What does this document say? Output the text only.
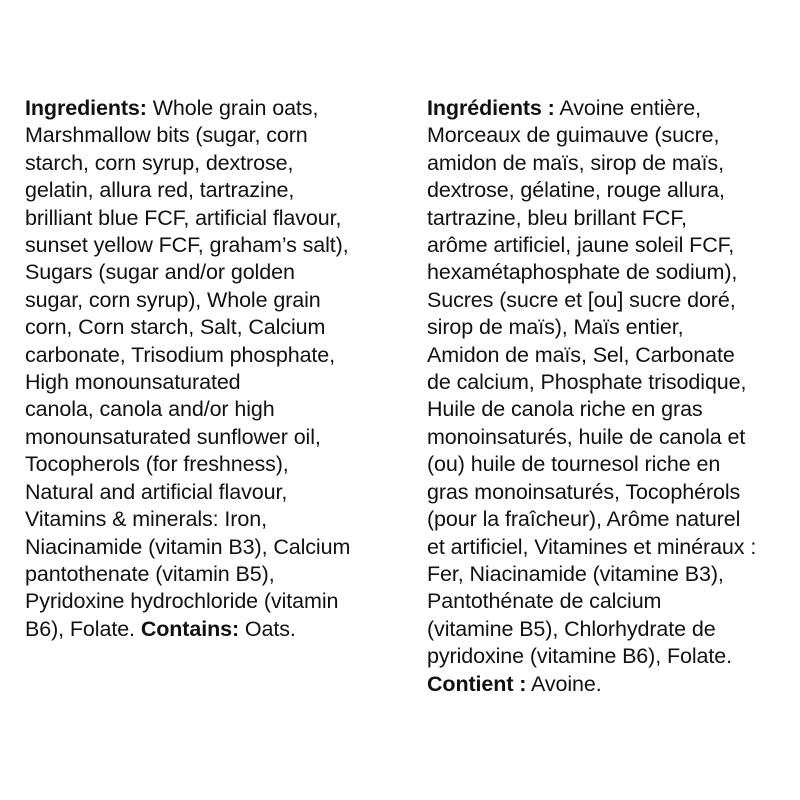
Ingredients: Whole grain oats,
Marshmallow bits (sugar, corn
starch, corn syrup, dextrose,
gelatin, allura red, tartrazine,
brilliant blue FCF, artificial flavour,
sunset yellow FCF, graham’s salt),
Sugars (sugar and/or golden
sugar, corn syrup), Whole grain
corn, Corn starch, Salt, Calcium
carbonate, Trisodium phosphate,
High monounsaturated
canola, canola and/or high
monounsaturated sunflower oil,
Tocopherols (for freshness),
Natural and artificial flavour,
Vitamins & minerals: Iron,
Niacinamide (vitamin B3), Calcium
pantothenate (vitamin B5),
Pyridoxine hydrochloride (vitamin
B6), Folate. Contains: Oats.
Ingrédients : Avoine entière,
Morceaux de guimauve (sucre,
amidon de maïs, sirop de maïs,
dextrose, gélatine, rouge allura,
tartrazine, bleu brillant FCF,
arôme artificiel, jaune soleil FCF,
hexamétaphosphate de sodium),
Sucres (sucre et [ou] sucre doré,
sirop de maïs), Maïs entier,
Amidon de maïs, Sel, Carbonate
de calcium, Phosphate trisodique,
Huile de canola riche en gras
monoinsaturés, huile de canola et
(ou) huile de tournesol riche en
gras monoinsaturés, Tocophérols
(pour la fraîcheur), Arôme naturel
et artificiel, Vitamines et minéraux :
Fer, Niacinamide (vitamine B3),
Pantothénate de calcium
(vitamine B5), Chlorhydrate de
pyridoxine (vitamine B6), Folate.
Contient : Avoine.
